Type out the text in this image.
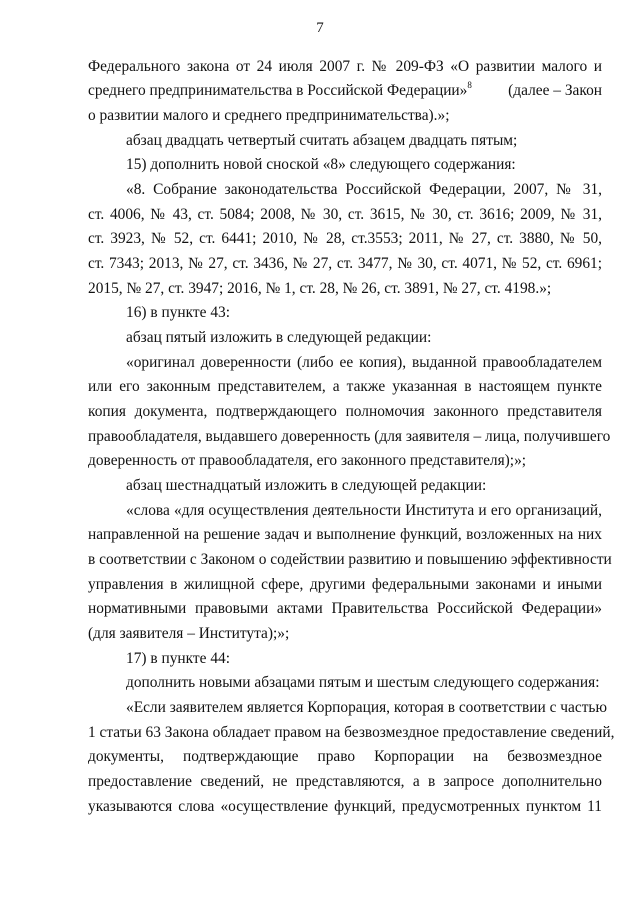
7
Федерального закона от 24 июля 2007 г. № 209-ФЗ «О развитии малого и
среднего предпринимательства в Российской Федерации»$^8$ (далее – Закон
о развитии малого и среднего предпринимательства).»;
абзац двадцать четвертый считать абзацем двадцать пятым;
15) дополнить новой сноской «8» следующего содержания:
«8. Собрание законодательства Российской Федерации, 2007, № 31,
ст. 4006, № 43, ст. 5084; 2008, № 30, ст. 3615, № 30, ст. 3616; 2009, № 31,
ст. 3923, № 52, ст. 6441; 2010, № 28, ст.3553; 2011, № 27, ст. 3880, № 50,
ст. 7343; 2013, № 27, ст. 3436, № 27, ст. 3477, № 30, ст. 4071, № 52, ст. 6961;
2015, № 27, ст. 3947; 2016, № 1, ст. 28, № 26, ст. 3891, № 27, ст. 4198.»;
16) в пункте 43:
абзац пятый изложить в следующей редакции:
«оригинал доверенности (либо ее копия), выданной правообладателем
или его законным представителем, а также указанная в настоящем пункте
копия документа, подтверждающего полномочия законного представителя
правообладателя, выдавшего доверенность (для заявителя – лица, получившего
доверенность от правообладателя, его законного представителя);»;
абзац шестнадцатый изложить в следующей редакции:
«слова «для осуществления деятельности Института и его организаций,
направленной на решение задач и выполнение функций, возложенных на них
в соответствии с Законом о содействии развитию и повышению эффективности
управления в жилищной сфере, другими федеральными законами и иными
нормативными правовыми актами Правительства Российской Федерации»
(для заявителя – Института);»;
17) в пункте 44:
дополнить новыми абзацами пятым и шестым следующего содержания:
«Если заявителем является Корпорация, которая в соответствии с частью
1 статьи 63 Закона обладает правом на безвозмездное предоставление сведений,
документы, подтверждающие право Корпорации на безвозмездное
предоставление сведений, не представляются, а в запросе дополнительно
указываются слова «осуществление функций, предусмотренных пунктом 11
